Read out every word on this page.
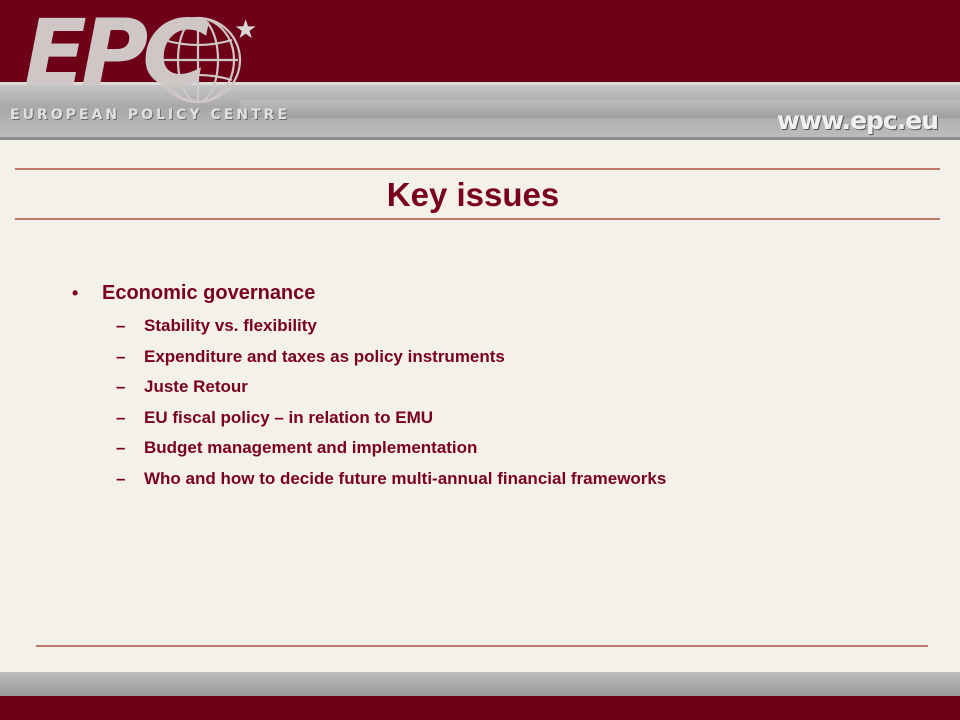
EPC ★
EUROPEAN POLICY CENTRE	www.epc.eu
Key issues
•	Economic governance
–	Stability vs. flexibility
–	Expenditure and taxes as policy instruments
–	Juste Retour
–	EU fiscal policy – in relation to EMU
–	Budget management and implementation
–	Who and how to decide future multi-annual financial frameworks
